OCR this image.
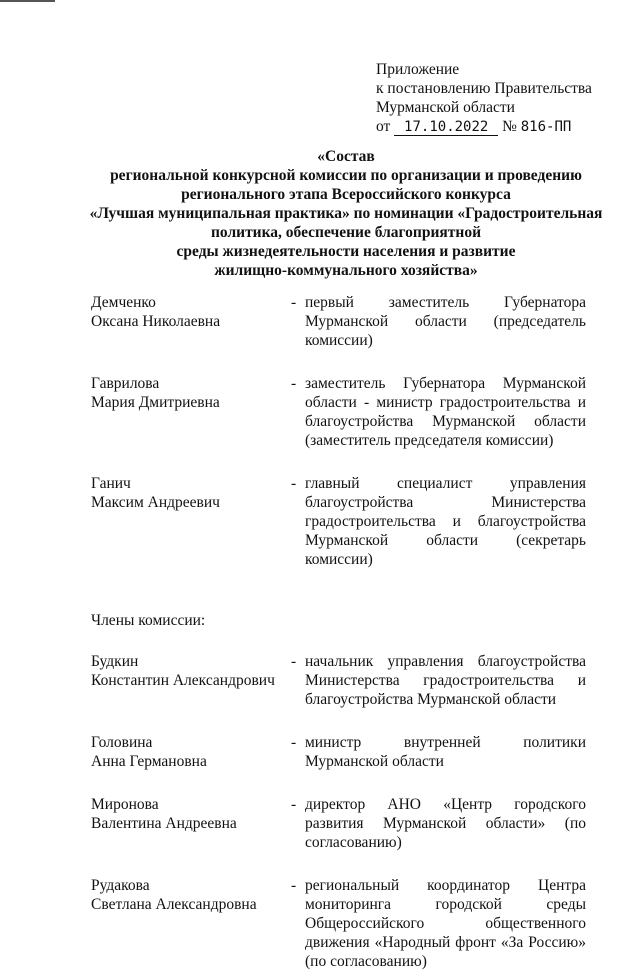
Приложение
к постановлению Правительства
Мурманской области
от 17.10.2022 № 816-ПП
«Состав
региональной конкурсной комиссии по организации и проведению
регионального этапа Всероссийского конкурса
«Лучшая муниципальная практика» по номинации «Градостроительная
политика, обеспечение благоприятной
среды жизнедеятельности населения и развитие
жилищно-коммунального хозяйства»
Демченко
Оксана Николаевна
- первый заместитель Губернатора Мурманской области (председатель комиссии)
Гаврилова
Мария Дмитриевна
- заместитель Губернатора Мурманской области - министр градостроительства и благоустройства Мурманской области (заместитель председателя комиссии)
Ганич
Максим Андреевич
- главный специалист управления благоустройства Министерства градостроительства и благоустройства Мурманской области (секретарь комиссии)
Члены комиссии:
Будкин
Константин Александрович
- начальник управления благоустройства Министерства градостроительства и благоустройства Мурманской области
Головина
Анна Германовна
- министр внутренней политики Мурманской области
Миронова
Валентина Андреевна
- директор АНО «Центр городского развития Мурманской области» (по согласованию)
Рудакова
Светлана Александровна
- региональный координатор Центра мониторинга городской среды Общероссийского общественного движения «Народный фронт «За Россию» (по согласованию)
